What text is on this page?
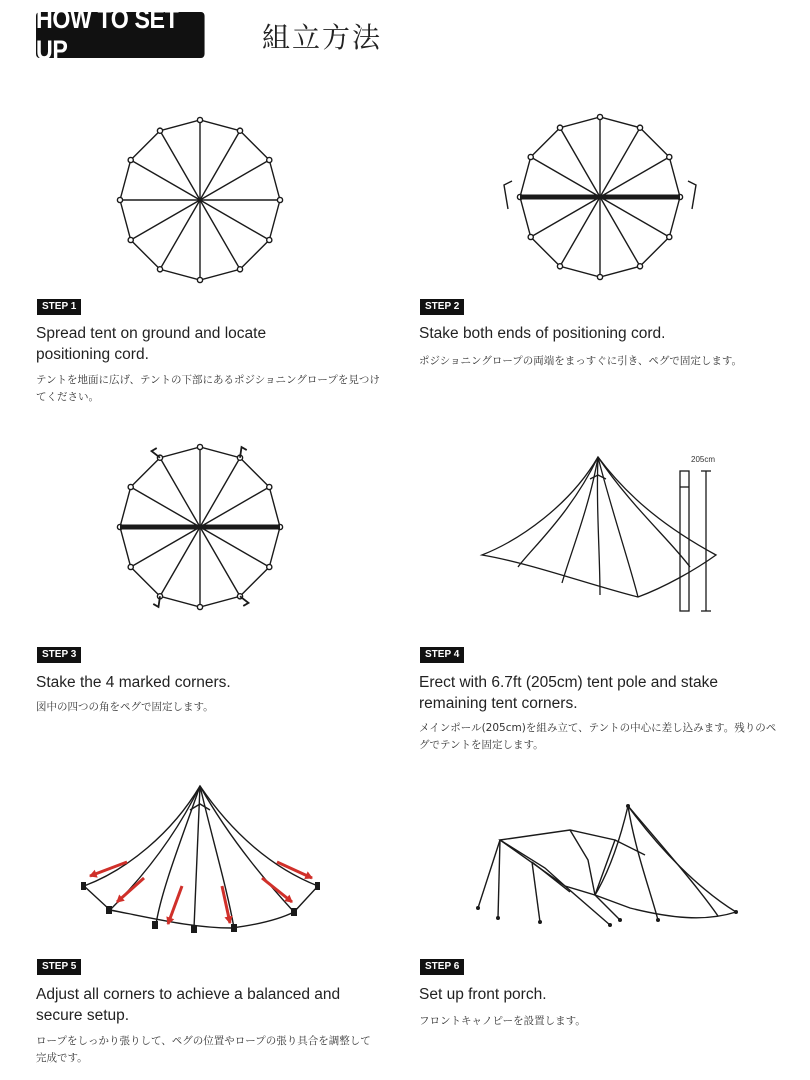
HOW TO SET UP	組立方法
205cm
STEP 1
Spread tent on ground and locate positioning cord.
テントを地面に広げ、テントの下部にあるポジショニングロープを見つけてください。
STEP 2
Stake both ends of positioning cord.
ポジショニングロープの両端をまっすぐに引き、ペグで固定します。
STEP 3
Stake the 4 marked corners.
図中の四つの角をペグで固定します。
STEP 4
Erect with 6.7ft (205cm) tent pole and stake remaining tent corners.
メインポール(205cm)を組み立て、テントの中心に差し込みます。残りのペグでテントを固定します。
STEP 5
Adjust all corners to achieve a balanced and secure setup.
ロープをしっかり張りして、ペグの位置やロープの張り具合を調整して完成です。
STEP 6
Set up front porch.
フロントキャノピーを設置します。
